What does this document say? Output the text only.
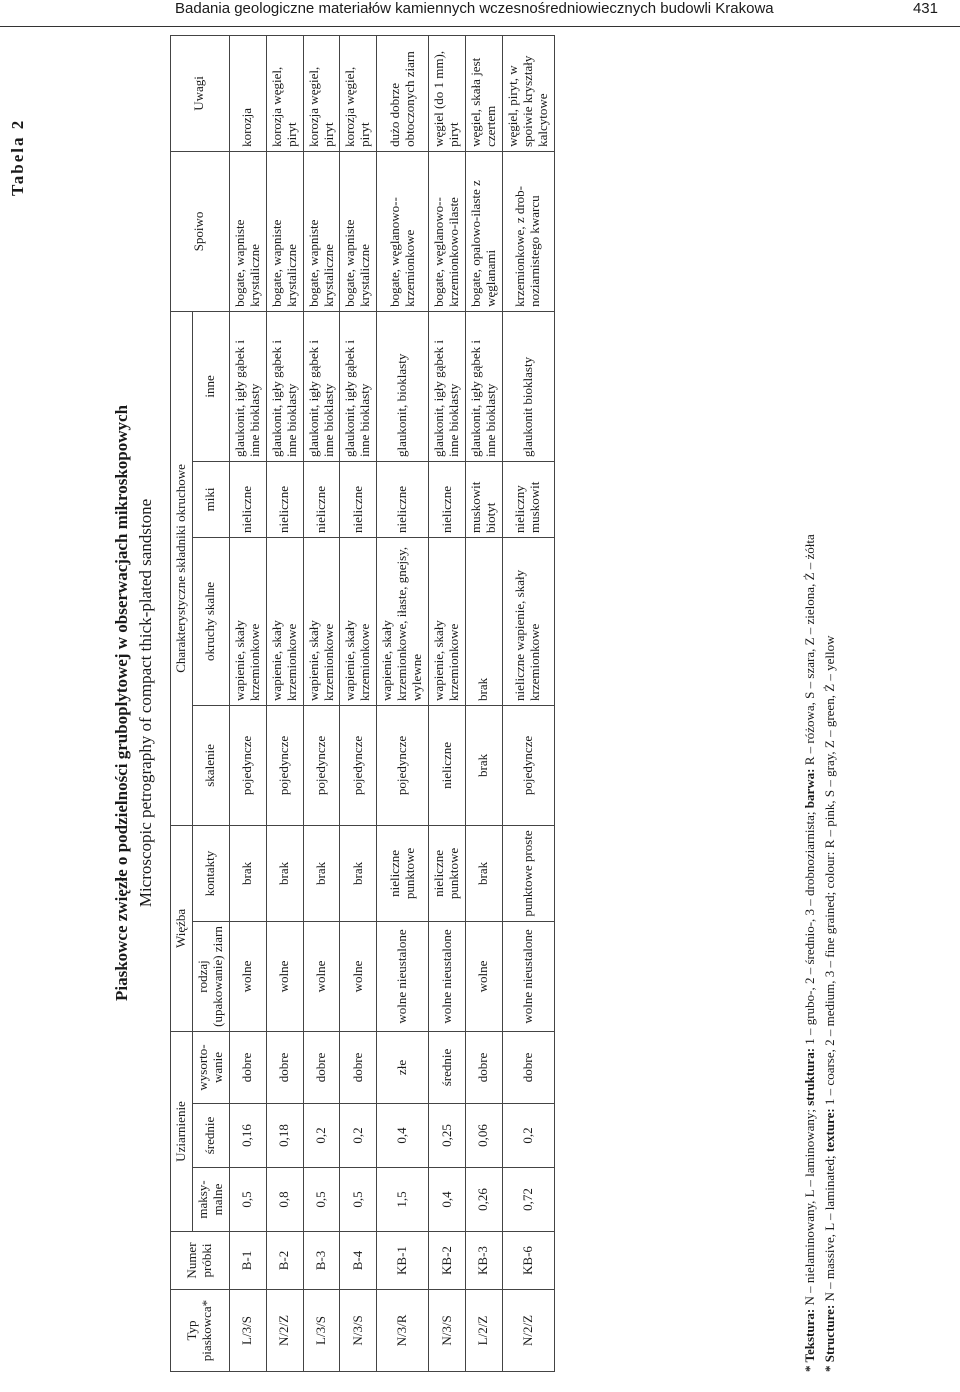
Badania geologiczne materiałów kamiennych wczesnośredniowiecznych budowli Krakowa	431
Tabela 2
Piaskowce zwięzłe o podzielności gruboplytowej w obserwacjach mikroskopowych Microscopic petrography of compact thick-plated sandstone
Typ piaskowca*	Numer próbki	Uziarnienie			Więźba		Charakterystyczne składniki okruchowe				Spoiwo	Uwagi
		maksy-malne	średnie	wysorto-wanie	rodzaj (upakowanie) ziarn	kontakty	skalenie	okruchy skalne	miki	inne		
L/3/S	B-1	0,5	0,16	dobre	wolne	brak	pojedyncze	wapienie, skały krzemionkowe	nieliczne	glaukonit, igły gąbek i inne bioklasty	bogate, wapniste krystaliczne	korozja
N/2/Z	B-2	0,8	0,18	dobre	wolne	brak	pojedyncze	wapienie, skały krzemionkowe	nieliczne	glaukonit, igły gąbek i inne bioklasty	bogate, wapniste krystaliczne	korozja węgiel, piryt
L/3/S	B-3	0,5	0,2	dobre	wolne	brak	pojedyncze	wapienie, skały krzemionkowe	nieliczne	glaukonit, igły gąbek i inne bioklasty	bogate, wapniste krystaliczne	korozja węgiel, piryt
N/3/S	B-4	0,5	0,2	dobre	wolne	brak	pojedyncze	wapienie, skały krzemionkowe	nieliczne	glaukonit, igły gąbek i inne bioklasty	bogate, wapniste krystaliczne	korozja węgiel, piryt
N/3/R	KB-1	1,5	0,4	złe	wolne nieustalone	nieliczne punktowe	pojedyncze	wapienie, skały krzemionkowe, iłaste, gnejsy, wylewne	nieliczne	glaukonit, bioklasty	bogate, węglanowo--krzemionkowe	dużo dobrze obtoczonych ziarn
N/3/S	KB-2	0,4	0,25	średnie	wolne nieustalone	nieliczne punktowe	nieliczne	wapienie, skały krzemionkowe	nieliczne	glaukonit, igły gąbek i inne bioklasty	bogate, węglanowo--krzemionkowo-ilaste	węgiel (do 1 mm), piryt
L/2/Z	KB-3	0,26	0,06	dobre	wolne	brak	brak	brak	muskowit biotyt	glaukonit, igły gąbek i inne bioklasty	bogate, opalowo-ilaste z węglanami	węgiel, skała jest czertem
N/2/Z	KB-6	0,72	0,2	dobre	wolne nieustalone	punktowe proste	pojedyncze	nieliczne wapienie, skały krzemionkowe	nieliczny muskowit	glaukonit bioklasty	krzemionkowe, z drob-noziarnistego kwarcu	węgiel, piryt, w spoiwie kryształy kalcytowe
* Tekstura: N – nielaminowany, L – laminowany; struktura: 1 – grubo-, 2 – średnio-, 3 – drobnoziarnista; barwa: R – różowa, S – szara, Z – zielona, Ż – żółta
* Structure: N – massive, L – laminated; texture: 1 – coarse, 2 – medium, 3 – fine grained; colour: R – pink, S – gray, Z – green, Ż – yellow
